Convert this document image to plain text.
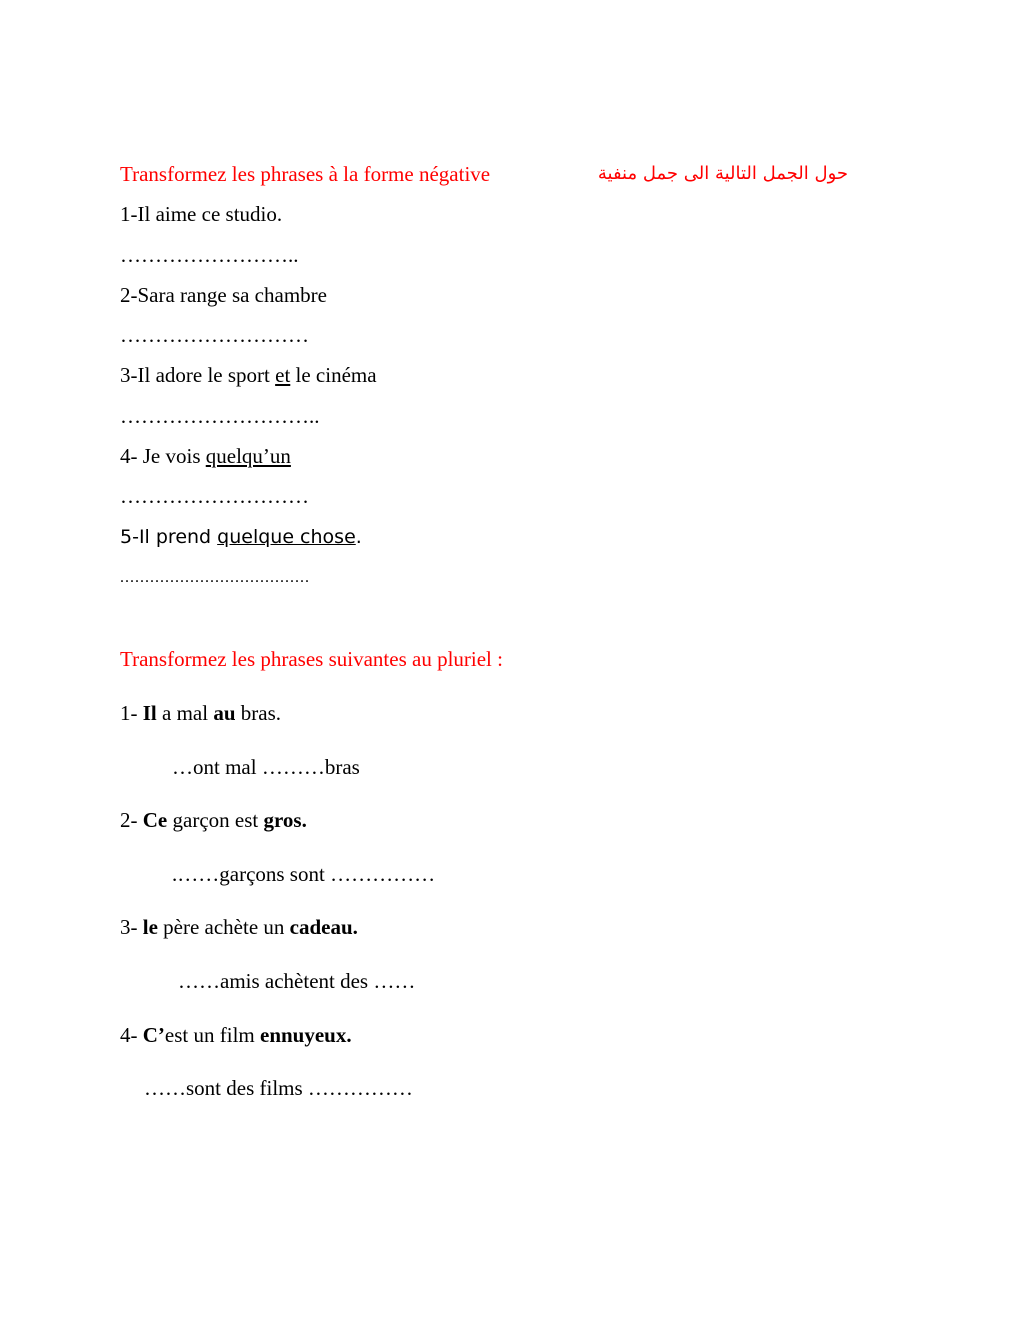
Transformez les phrases à la forme négative	حول الجمل التالية الى جمل منفية
1-Il aime ce studio.
……………………..
2-Sara range sa chambre
………………………
3-Il adore le sport et le cinéma
………………………..
4- Je vois quelqu’un
………………………
5-Il prend quelque chose.
......................................
Transformez les phrases suivantes au pluriel :
1- Il a mal au bras.
…ont mal ………bras
2- Ce garçon est gros.
.……garçons sont ……………
3- le père achète un cadeau.
……amis achètent des ……
4- C’est un film ennuyeux.
……sont des films ……………
